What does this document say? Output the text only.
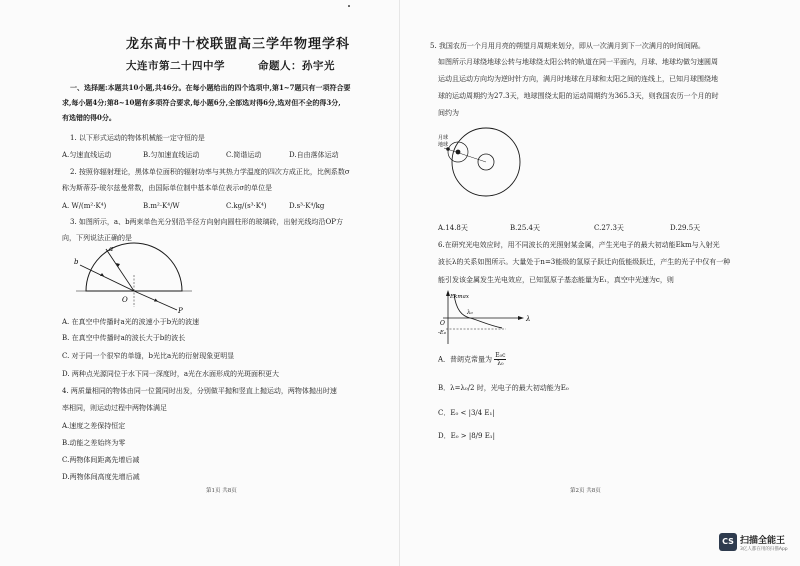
龙东高中十校联盟高三学年物理学科
大连市第二十四中学	命题人：孙宇光
一、选择题:本题共10小题,共46分。在每小题给出的四个选项中,第1~7题只有一项符合要
求,每小题4分;第8~10题有多项符合要求,每小题6分,全部选对得6分,选对但不全的得3分,
有选错的得0分。
1. 以下形式运动的物体机械能一定守恒的是
A.匀速直线运动	B.匀加速直线运动	C.简谐运动	D.自由落体运动
2. 按照你辐射理论，黑体单位面积的辐射功率与其热力学温度的四次方成正比，比例系数σ
称为斯蒂芬-玻尔兹曼常数，由国际单位制中基本单位表示σ的单位是
A. W/(m²·K⁴)	B.m²·K⁴/W	C.kg/(s³·K⁴)	D.s³·K⁴/kg
3. 如图所示，a、b两束单色光分别沿半径方向射向圆柱形的玻璃砖，出射光线均沿OP方
向，下列说法正确的是
a
b
O
P
A. 在真空中传播时a光的波速小于b光的波速
B. 在真空中传播时a的波长大于b的波长
C. 对于同一个很窄的单缝，b光比a光的衍射现象更明显
D. 两种点光源同位于水下同一深度时，a光在水面形成的光斑面积更大
4. 两质量相同的物体由同一位置同时出发，分别做平抛和竖直上抛运动，两物体抛出时速
率相同，则运动过程中两物体满足
A.速度之差保持恒定
B.动能之差始终为零
C.两物体间距离先增后减
D.两物体间高度先增后减
第1页 共8页
5. 我国农历一个月用月亮的朔望月周期来划分，即从一次满月到下一次满月的时间间隔。
如图所示月球绕地球公转与地球绕太阳公转的轨道在同一平面内，月球、地球均做匀速圆周
运动且运动方向均为逆时针方向，满月时地球在月球和太阳之间的连线上，已知月球围绕地
球的运动周期约为27.3天，地球围绕太阳的运动周期约为365.3天，则我国农历一个月的时
间约为
月球
地球
A.14.8天	B.25.4天	C.27.3天	D.29.5天
6.在研究光电效应时，用不同波长的光照射某金属，产生光电子的最大初动能Ekm与入射光
波长λ的关系如图所示。大量处于n=3能级的氢原子跃迁向低能级跃迁，产生的光子中仅有一种
能引发该金属发生光电效应，已知氢原子基态能量为E₁，真空中光速为c，则
Ekmax
λ
O
λ₀
-E₀
A．普朗克常量为 $\frac{\text{E₀c}}{\text{λ₀}}$
B．λ=λ₀/2 时，光电子的最大初动能为E₀
C．E₀ < |3/4 E₁|
D．E₀ > |8/9 E₁|
第2页 共8页
CS 扫描全能王
3亿人都在用的扫描App
